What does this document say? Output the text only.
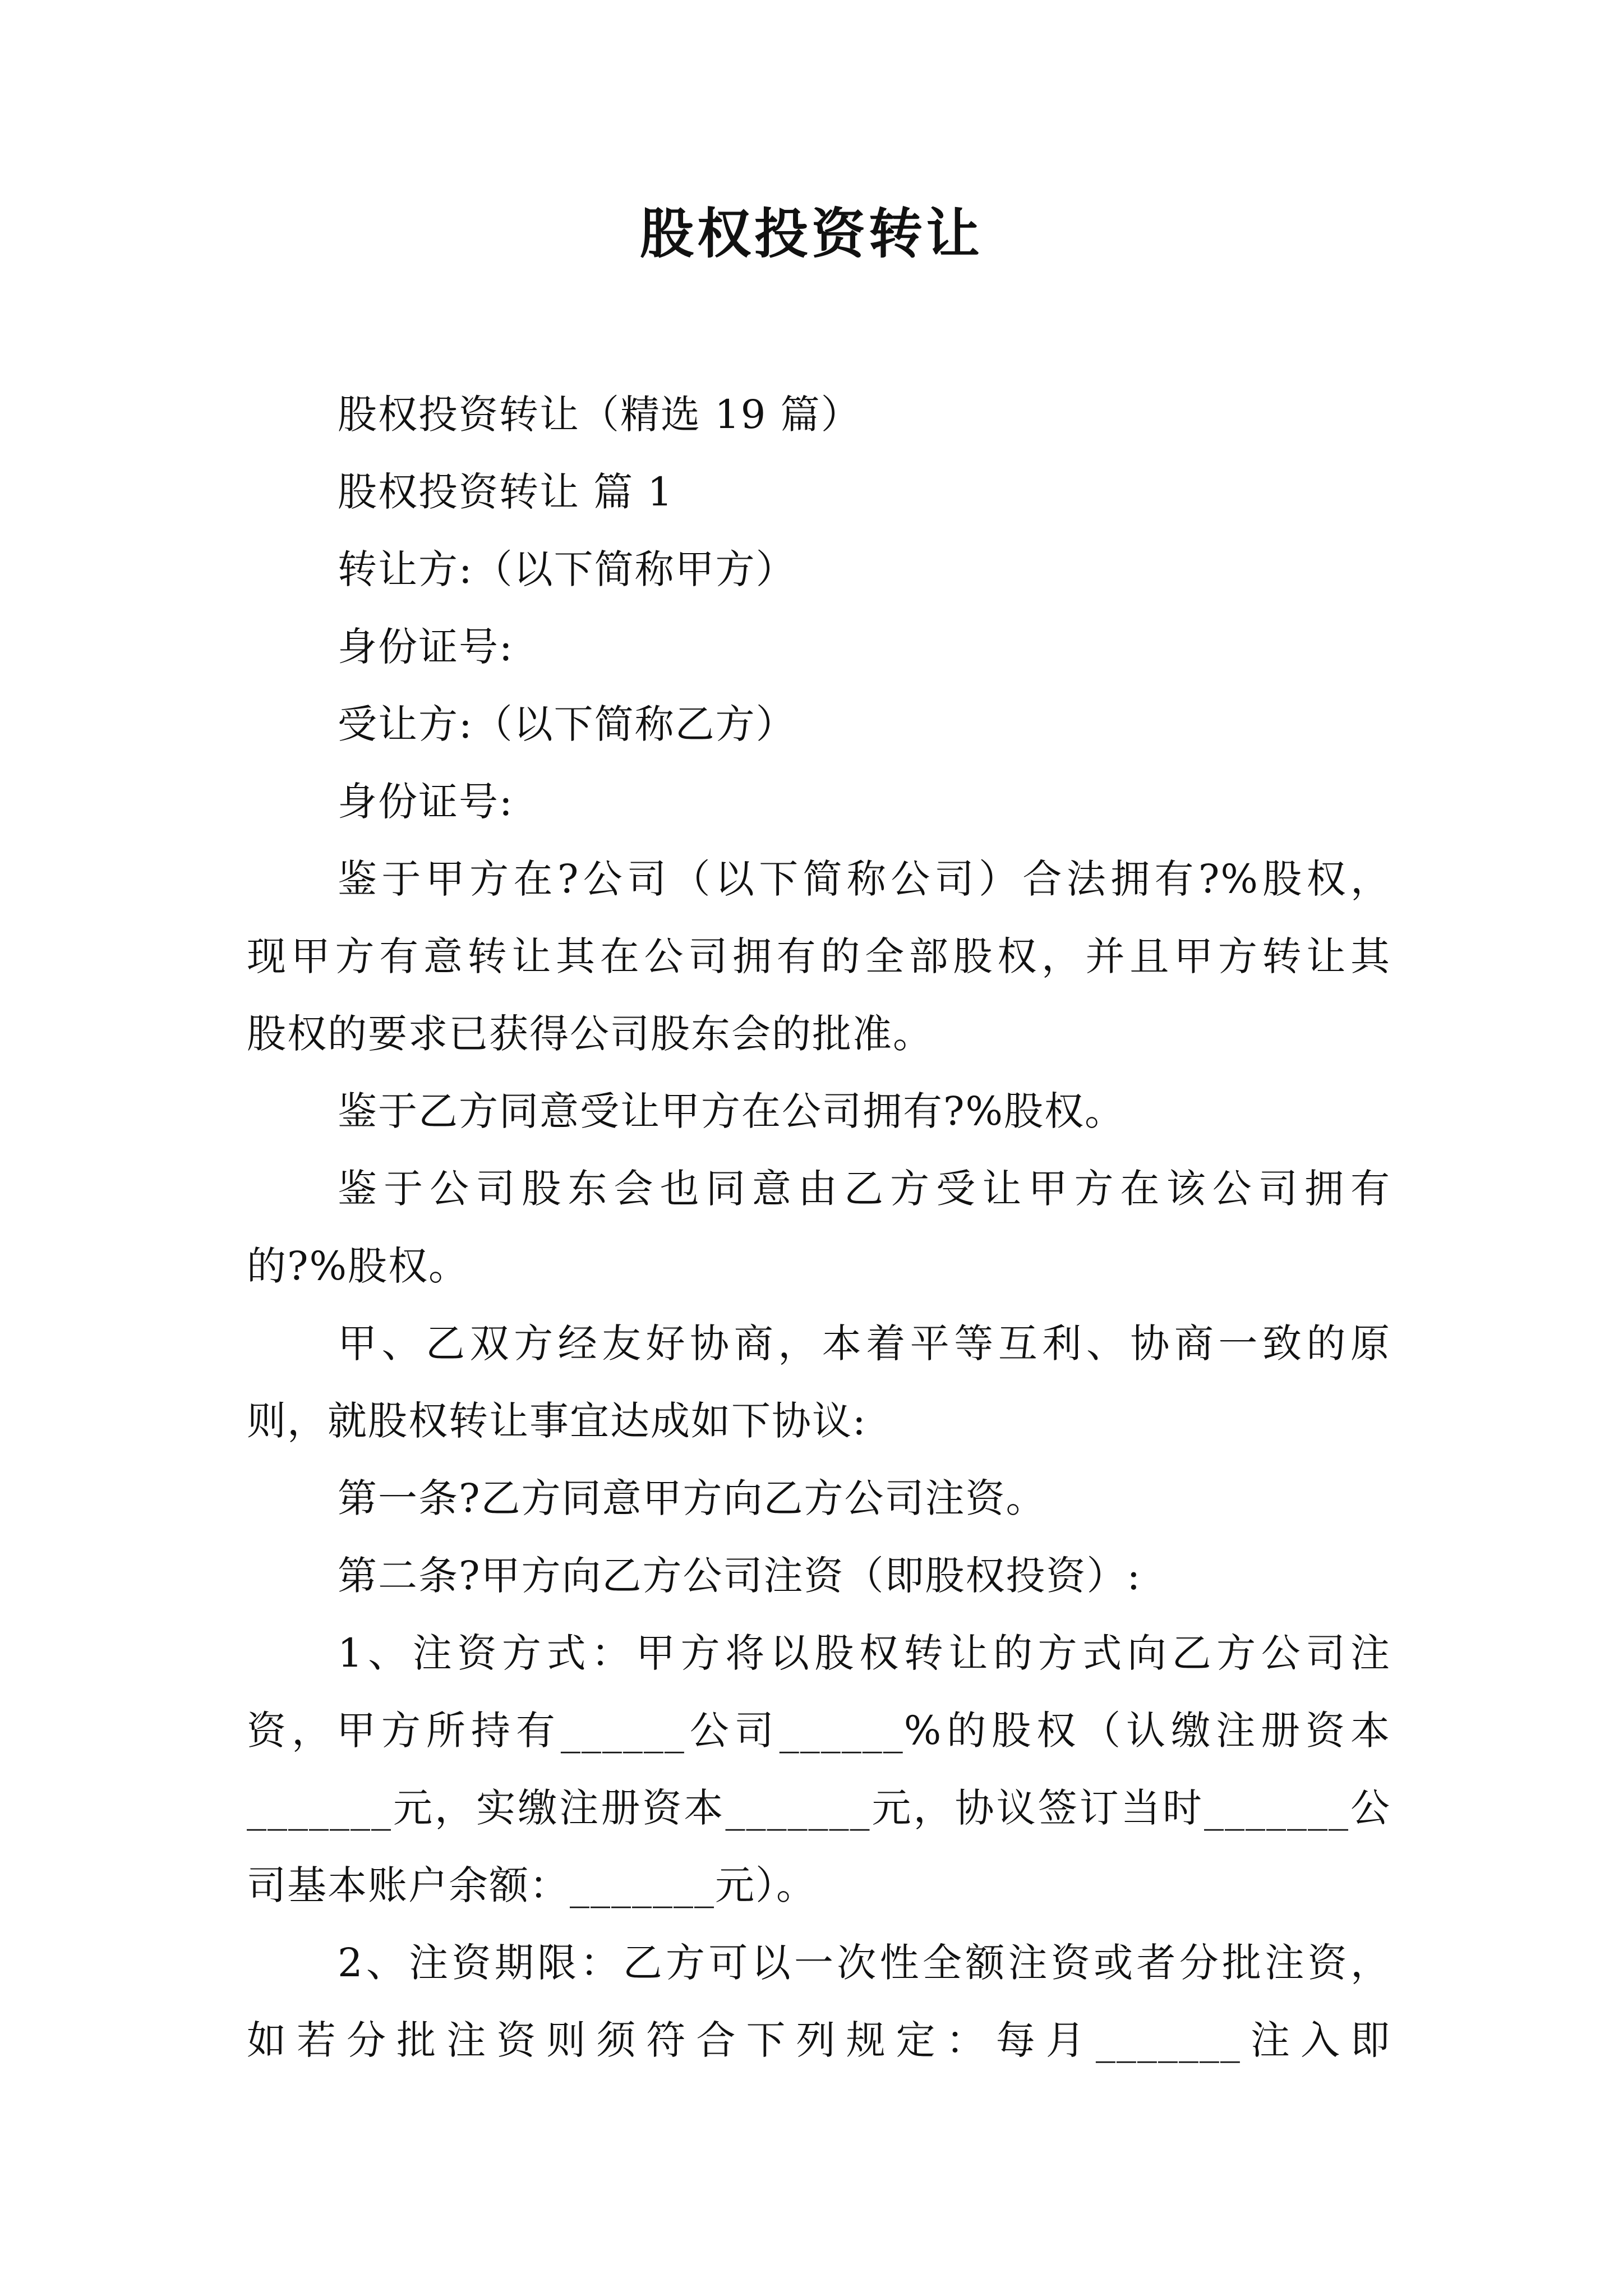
股权投资转让
股权投资转让（精选 19 篇）
股权投资转让 篇 1
转让方:（以下简称甲方）
身份证号:
受让方:（以下简称乙方）
身份证号:
鉴于甲方在?公司（以下简称公司）合法拥有?%股权，
现甲方有意转让其在公司拥有的全部股权，并且甲方转让其
股权的要求已获得公司股东会的批准。
鉴于乙方同意受让甲方在公司拥有?%股权。
鉴于公司股东会也同意由乙方受让甲方在该公司拥有
的?%股权。
甲、乙双方经友好协商，本着平等互利、协商一致的原
则，就股权转让事宜达成如下协议:
第一条?乙方同意甲方向乙方公司注资。
第二条?甲方向乙方公司注资（即股权投资）:
1、注资方式：甲方将以股权转让的方式向乙方公司注
资，甲方所持有______公司______%的股权（认缴注册资本
_______元，实缴注册资本_______元，协议签订当时_______公
司基本账户余额：_______元）。
2、注资期限：乙方可以一次性全额注资或者分批注资，
如若分批注资则须符合下列规定：每月_______注入即
